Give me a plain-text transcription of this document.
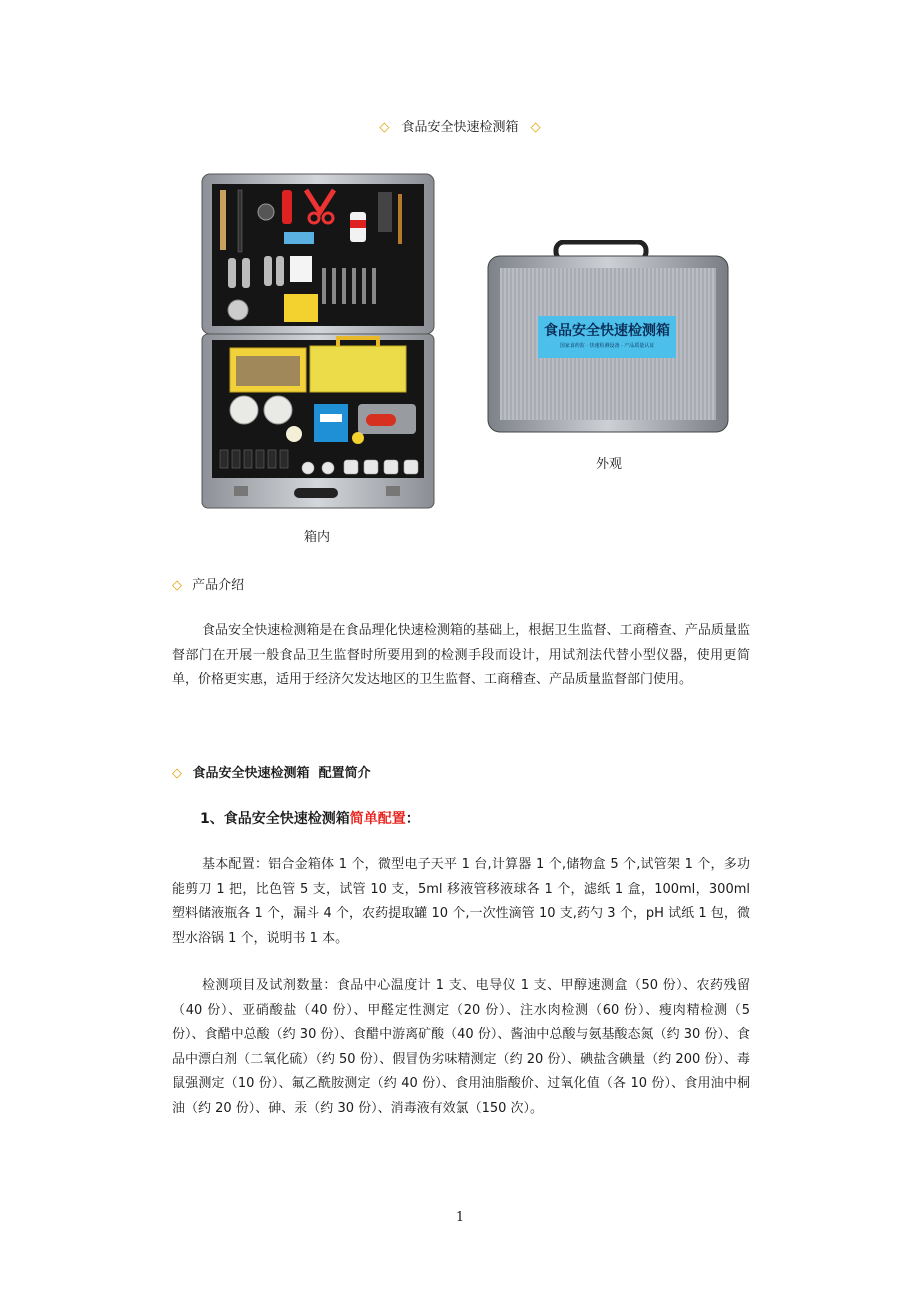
◇ 食品安全快速检测箱 ◇
食品安全快速检测箱
国家食药监 · 快速检测设备 · 产品质量认证
外观
箱内
◇ 产品介绍
食品安全快速检测箱是在食品理化快速检测箱的基础上，根据卫生监督、工商稽查、产品质量监督部门在开展一般食品卫生监督时所要用到的检测手段而设计，用试剂法代替小型仪器，使用更简单，价格更实惠，适用于经济欠发达地区的卫生监督、工商稽查、产品质量监督部门使用。
◇ 食品安全快速检测箱  配置简介
1、食品安全快速检测箱简单配置：
基本配置：铝合金箱体 1 个，微型电子天平 1 台,计算器 1 个,储物盒 5 个,试管架 1 个，多功能剪刀 1 把，比色管 5 支，试管 10 支，5ml 移液管移液球各 1 个，滤纸 1 盒，100ml，300ml 塑料储液瓶各 1 个，漏斗 4 个，农药提取罐 10 个,一次性滴管 10 支,药勺 3 个，pH 试纸 1 包，微型水浴锅 1 个，说明书 1 本。
检测项目及试剂数量：食品中心温度计 1 支、电导仪 1 支、甲醇速测盒（50 份）、农药残留（40 份）、亚硝酸盐（40 份）、甲醛定性测定（20 份）、注水肉检测（60 份）、瘦肉精检测（5 份）、食醋中总酸（约 30 份）、食醋中游离矿酸（40 份）、酱油中总酸与氨基酸态氮（约 30 份）、食品中漂白剂（二氧化硫）（约 50 份）、假冒伪劣味精测定（约 20 份）、碘盐含碘量（约 200 份）、毒鼠强测定（10 份）、氟乙酰胺测定（约 40 份）、食用油脂酸价、过氧化值（各 10 份）、食用油中桐油（约 20 份）、砷、汞（约 30 份）、消毒液有效氯（150 次）。
1
